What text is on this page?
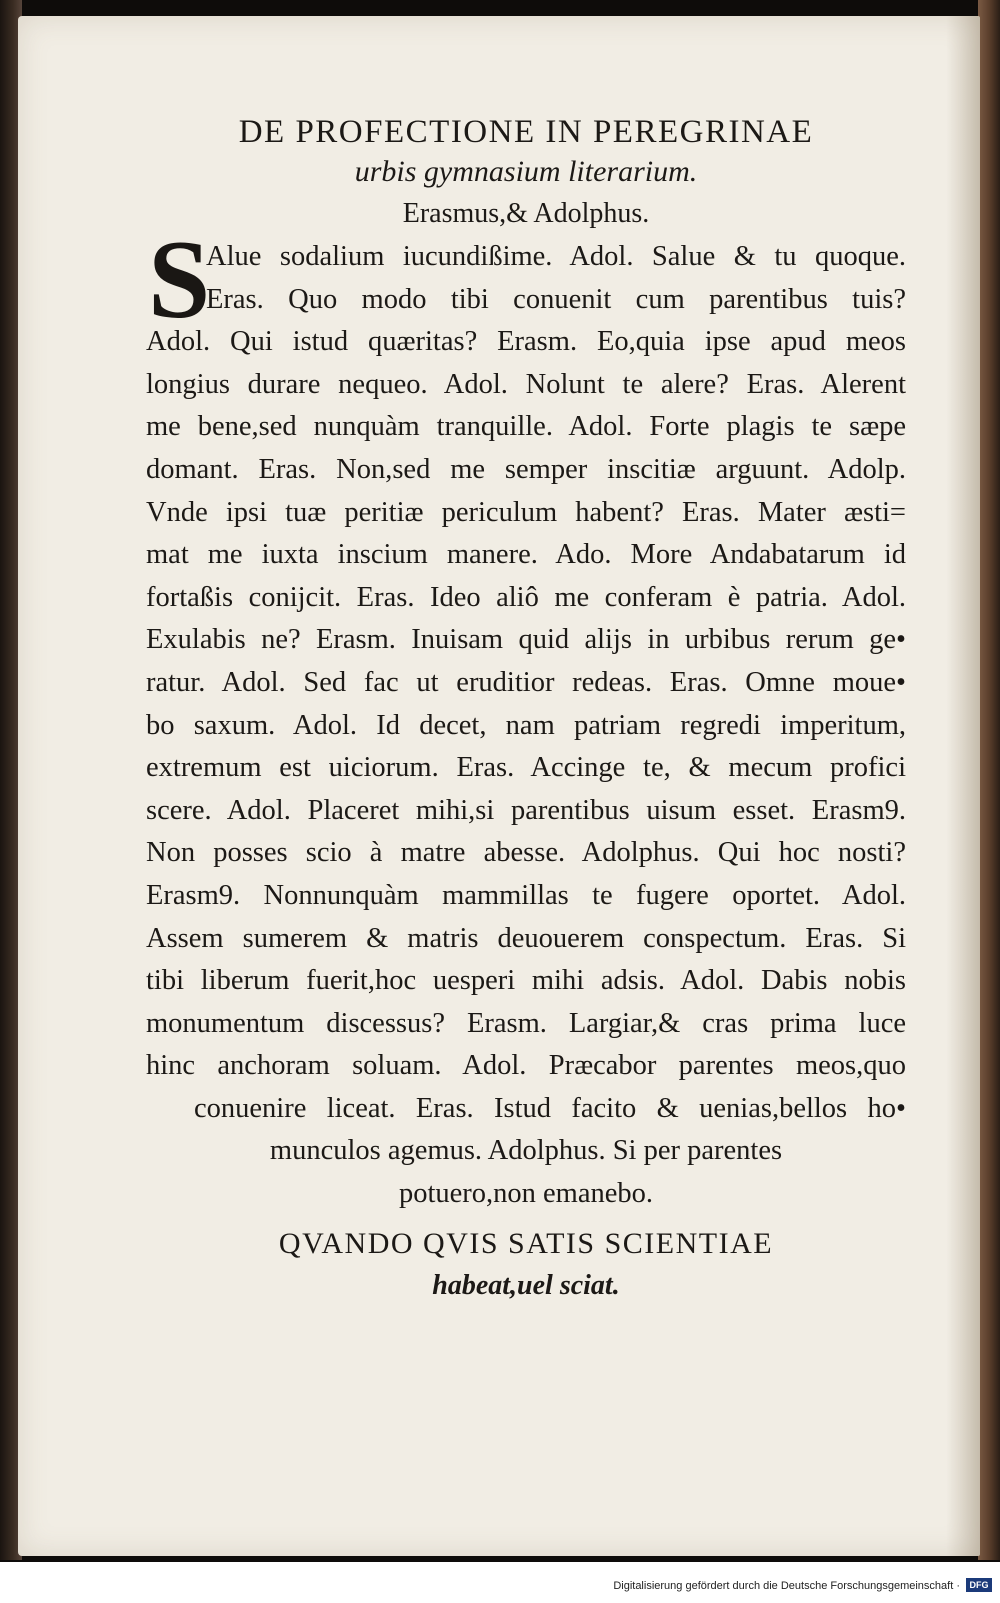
DE PROFECTIONE IN PEREGRINAE

urbis gymnasium literarium.

Erasmus,& Adolphus.

S

Alue sodalium iucundißime. Adol. Salue & tu quoque.

Eras. Quo modo tibi conuenit cum parentibus tuis?

Adol. Qui istud quæritas? Erasm. Eo,quia ipse apud meos

longius durare nequeo. Adol. Nolunt te alere? Eras. Alerent

me bene,sed nunquàm tranquille. Adol. Forte plagis te sæpe

domant. Eras. Non,sed me semper inscitiæ arguunt. Adolp.

Vnde ipsi tuæ peritiæ periculum habent? Eras. Mater æsti=

mat me iuxta inscium manere. Ado. More Andabatarum id

fortaßis conijcit. Eras. Ideo aliô me conferam è patria. Adol.

Exulabis ne? Erasm. Inuisam quid alijs in urbibus rerum ge•

ratur. Adol. Sed fac ut eruditior redeas. Eras. Omne moue•

bo saxum. Adol. Id decet, nam patriam regredi imperitum,

extremum est uiciorum. Eras. Accinge te, & mecum profici

scere. Adol. Placeret mihi,si parentibus uisum esset. Erasm9.

Non posses scio à matre abesse. Adolphus. Qui hoc nosti?

Erasm9. Nonnunquàm mammillas te fugere oportet. Adol.

Assem sumerem & matris deuouerem conspectum. Eras. Si

tibi liberum fuerit,hoc uesperi mihi adsis. Adol. Dabis nobis

monumentum discessus? Erasm. Largiar,& cras prima luce

hinc anchoram soluam. Adol. Præcabor parentes meos,quo

conuenire liceat. Eras. Istud facito & uenias,bellos ho•

munculos agemus. Adolphus. Si per parentes

potuero,non emanebo.

QVANDO QVIS SATIS SCIENTIAE

habeat,uel sciat.

Digitalisierung gefördert durch die Deutsche Forschungsgemeinschaft ·	DFG
